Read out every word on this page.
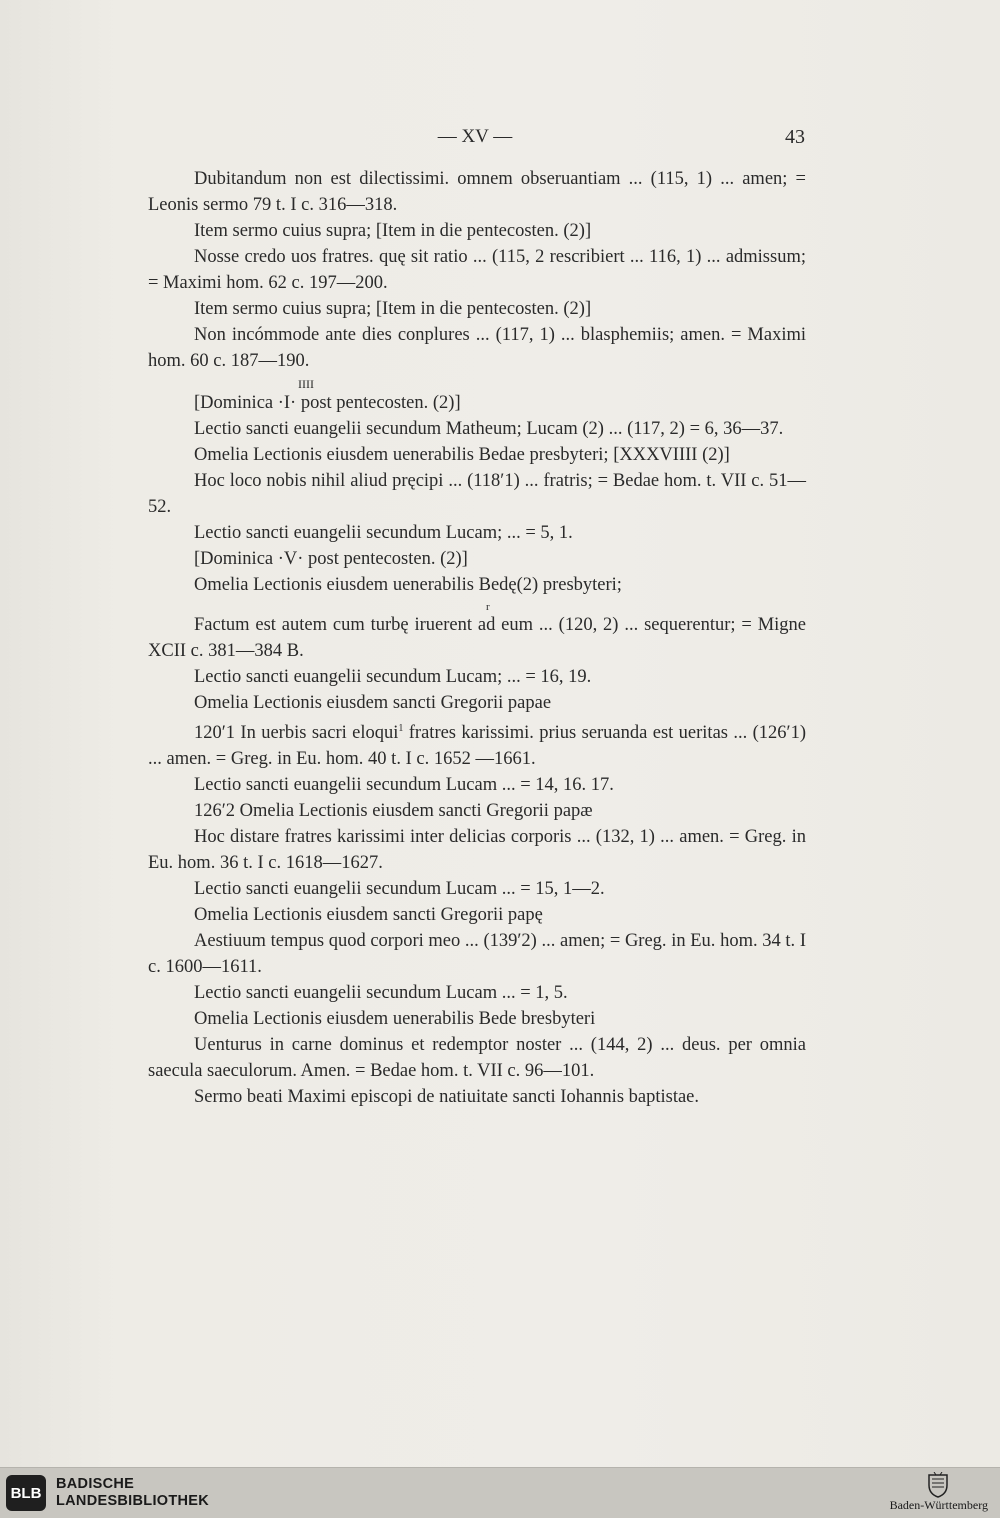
— XV —	43

Dubitandum non est dilectissimi. omnem obseruantiam ... (115, 1) ... amen; = Leonis sermo 79 t. I c. 316—318.

Item sermo cuius supra; [Item in die pentecosten. (2)]

Nosse credo uos fratres. quę sit ratio ... (115, 2 rescribiert ... 116, 1) ... admissum; = Maximi hom. 62 c. 197—200.

Item sermo cuius supra; [Item in die pentecosten. (2)]

Non incómmode ante dies conplures ... (117, 1) ... blasphemiis; amen. = Maximi hom. 60 c. 187—190.

IIII

[Dominica ·I· post pentecosten. (2)]

Lectio sancti euangelii secundum Matheum; Lucam (2) ... (117, 2) = 6, 36—37.

Omelia Lectionis eiusdem uenerabilis Bedae presbyteri; [XXXVIIII (2)]

Hoc loco nobis nihil aliud pręcipi ... (118ʹ1) ... fratris; = Bedae hom. t. VII c. 51—52.

Lectio sancti euangelii secundum Lucam; ... = 5, 1.

[Dominica ·V· post pentecosten. (2)]

Omelia Lectionis eiusdem uenerabilis Bedę(2) presbyteri;

r

Factum est autem cum turbę iruerent ad eum ... (120, 2) ... sequerentur; = Migne XCII c. 381—384 B.

Lectio sancti euangelii secundum Lucam; ... = 16, 19.

Omelia Lectionis eiusdem sancti Gregorii papae

120ʹ1 In uerbis sacri eloqui$^1$ fratres karissimi. prius seruanda est ueritas ... (126ʹ1) ... amen. = Greg. in Eu. hom. 40 t. I c. 1652 —1661.

Lectio sancti euangelii secundum Lucam ... = 14, 16. 17.

126ʹ2 Omelia Lectionis eiusdem sancti Gregorii papæ

Hoc distare fratres karissimi inter delicias corporis ... (132, 1) ... amen. = Greg. in Eu. hom. 36 t. I c. 1618—1627.

Lectio sancti euangelii secundum Lucam ... = 15, 1—2.

Omelia Lectionis eiusdem sancti Gregorii papę

Aestiuum tempus quod corpori meo ... (139ʹ2) ... amen; = Greg. in Eu. hom. 34 t. I c. 1600—1611.

Lectio sancti euangelii secundum Lucam ... = 1, 5.

Omelia Lectionis eiusdem uenerabilis Bede bresbyteri

Uenturus in carne dominus et redemptor noster ... (144, 2) ... deus. per omnia saecula saeculorum. Amen. = Bedae hom. t. VII c. 96—101.

Sermo beati Maximi episcopi de natiuitate sancti Iohannis baptistae.

BLB
BADISCHE
LANDESBIBLIOTHEK	Baden-Württemberg
